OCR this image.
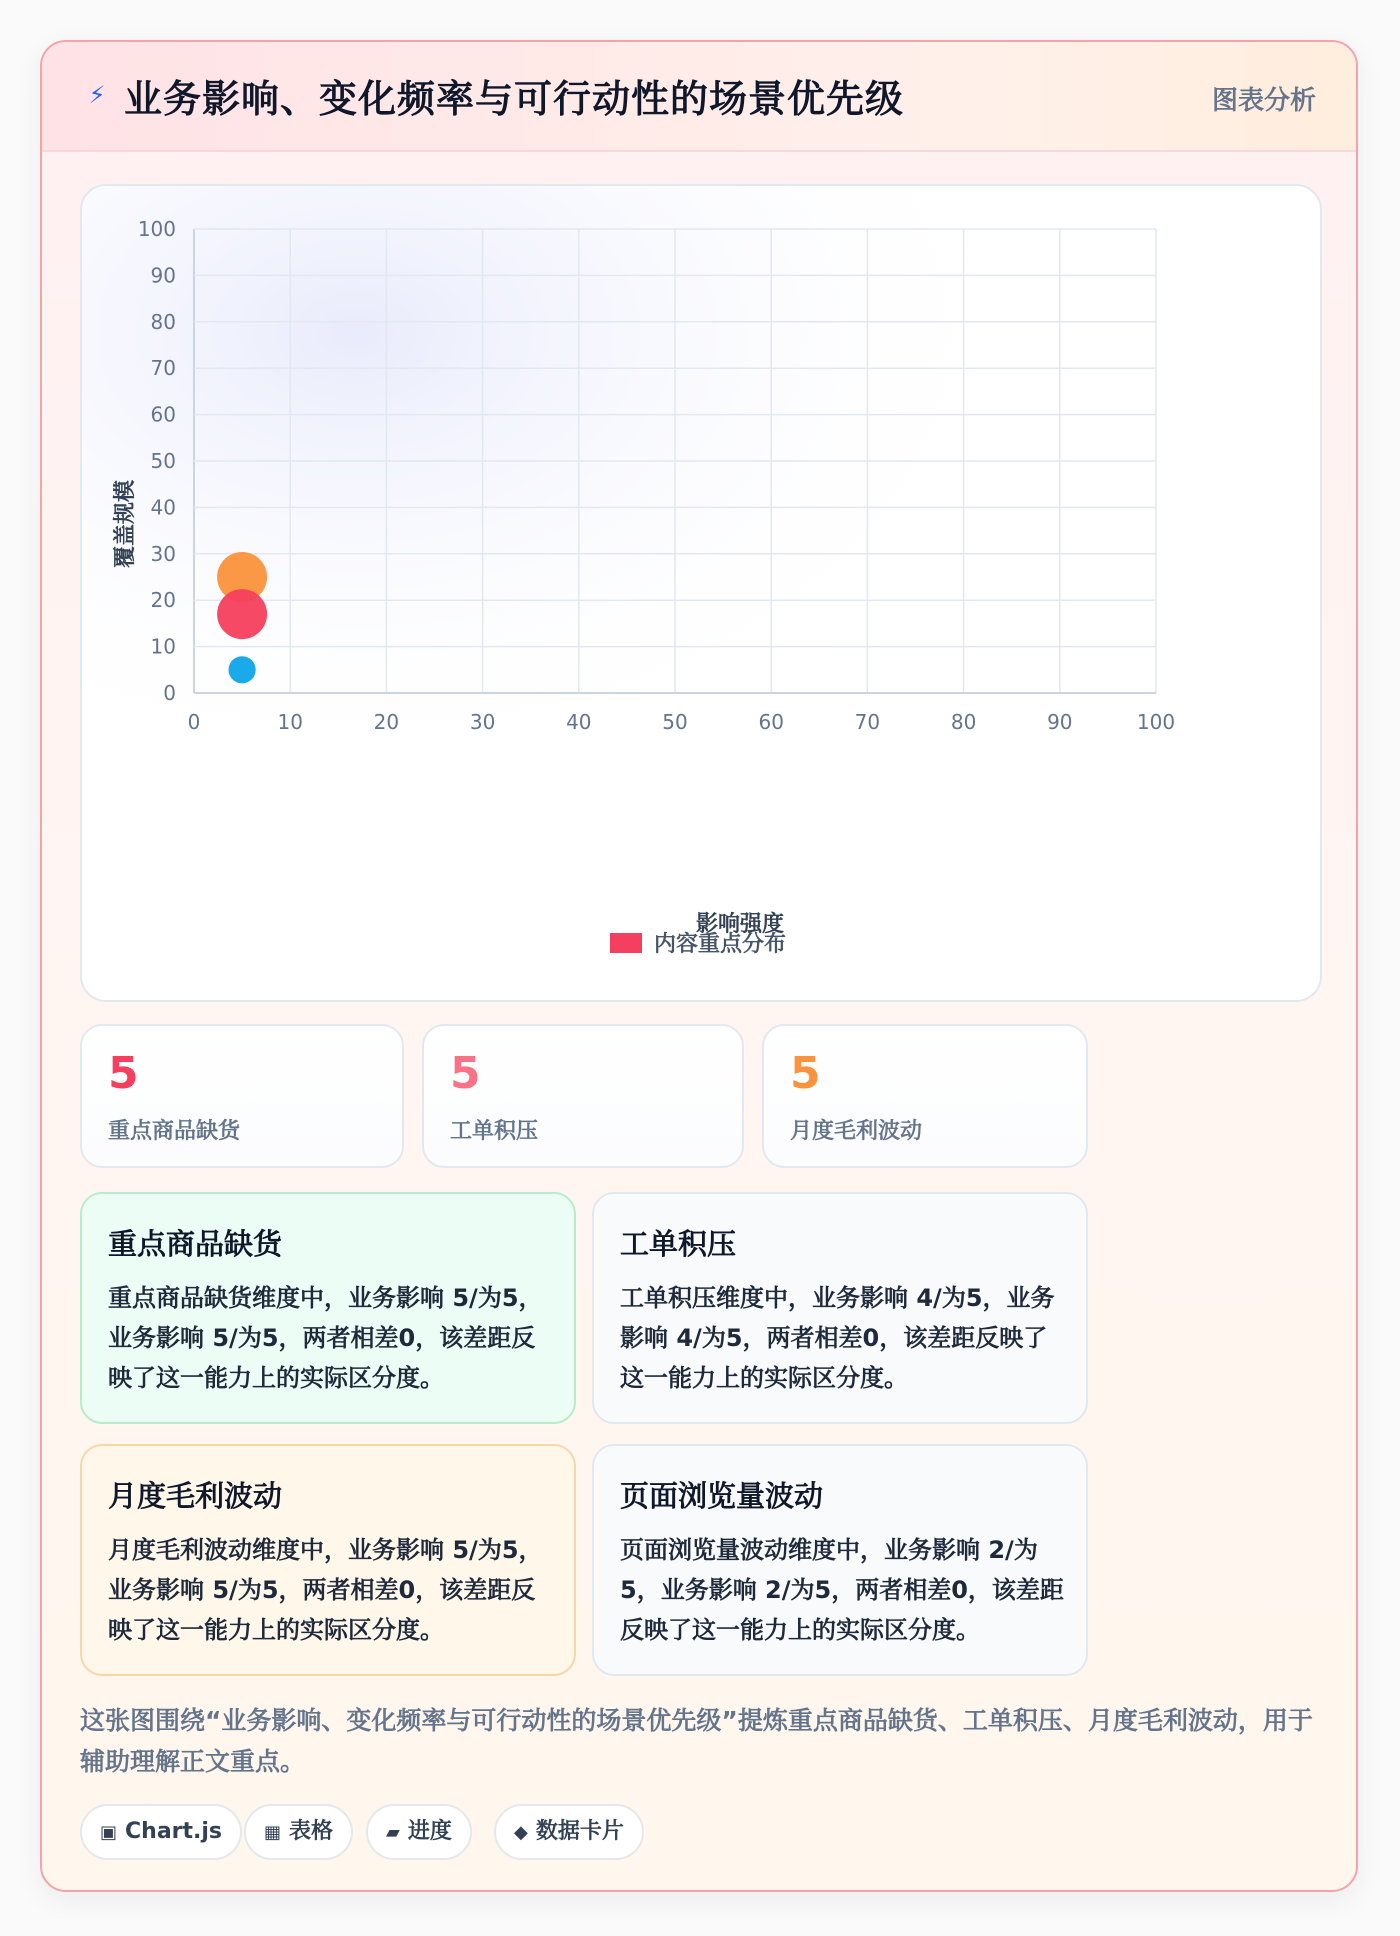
⚡ 业务影响、变化频率与可行动性的场景优先级	图表分析
0	10	20	30	40	50	60	70	80	90	100
0
10
20
30
40
50
60
70
80
90
100
影响强度
覆盖规模
内容重点分布
5
重点商品缺货
5
工单积压
5
月度毛利波动
重点商品缺货
重点商品缺货维度中，业务影响 5/为5，业务影响 5/为5，两者相差0，该差距反映了这一能力上的实际区分度。
工单积压
工单积压维度中，业务影响 4/为5，业务影响 4/为5，两者相差0，该差距反映了这一能力上的实际区分度。
月度毛利波动
月度毛利波动维度中，业务影响 5/为5，业务影响 5/为5，两者相差0，该差距反映了这一能力上的实际区分度。
页面浏览量波动
页面浏览量波动维度中，业务影响 2/为5，业务影响 2/为5，两者相差0，该差距反映了这一能力上的实际区分度。
这张图围绕“业务影响、变化频率与可行动性的场景优先级”提炼重点商品缺货、工单积压、月度毛利波动，用于辅助理解正文重点。
▣ Chart.js	▦ 表格	▰ 进度	◆ 数据卡片
